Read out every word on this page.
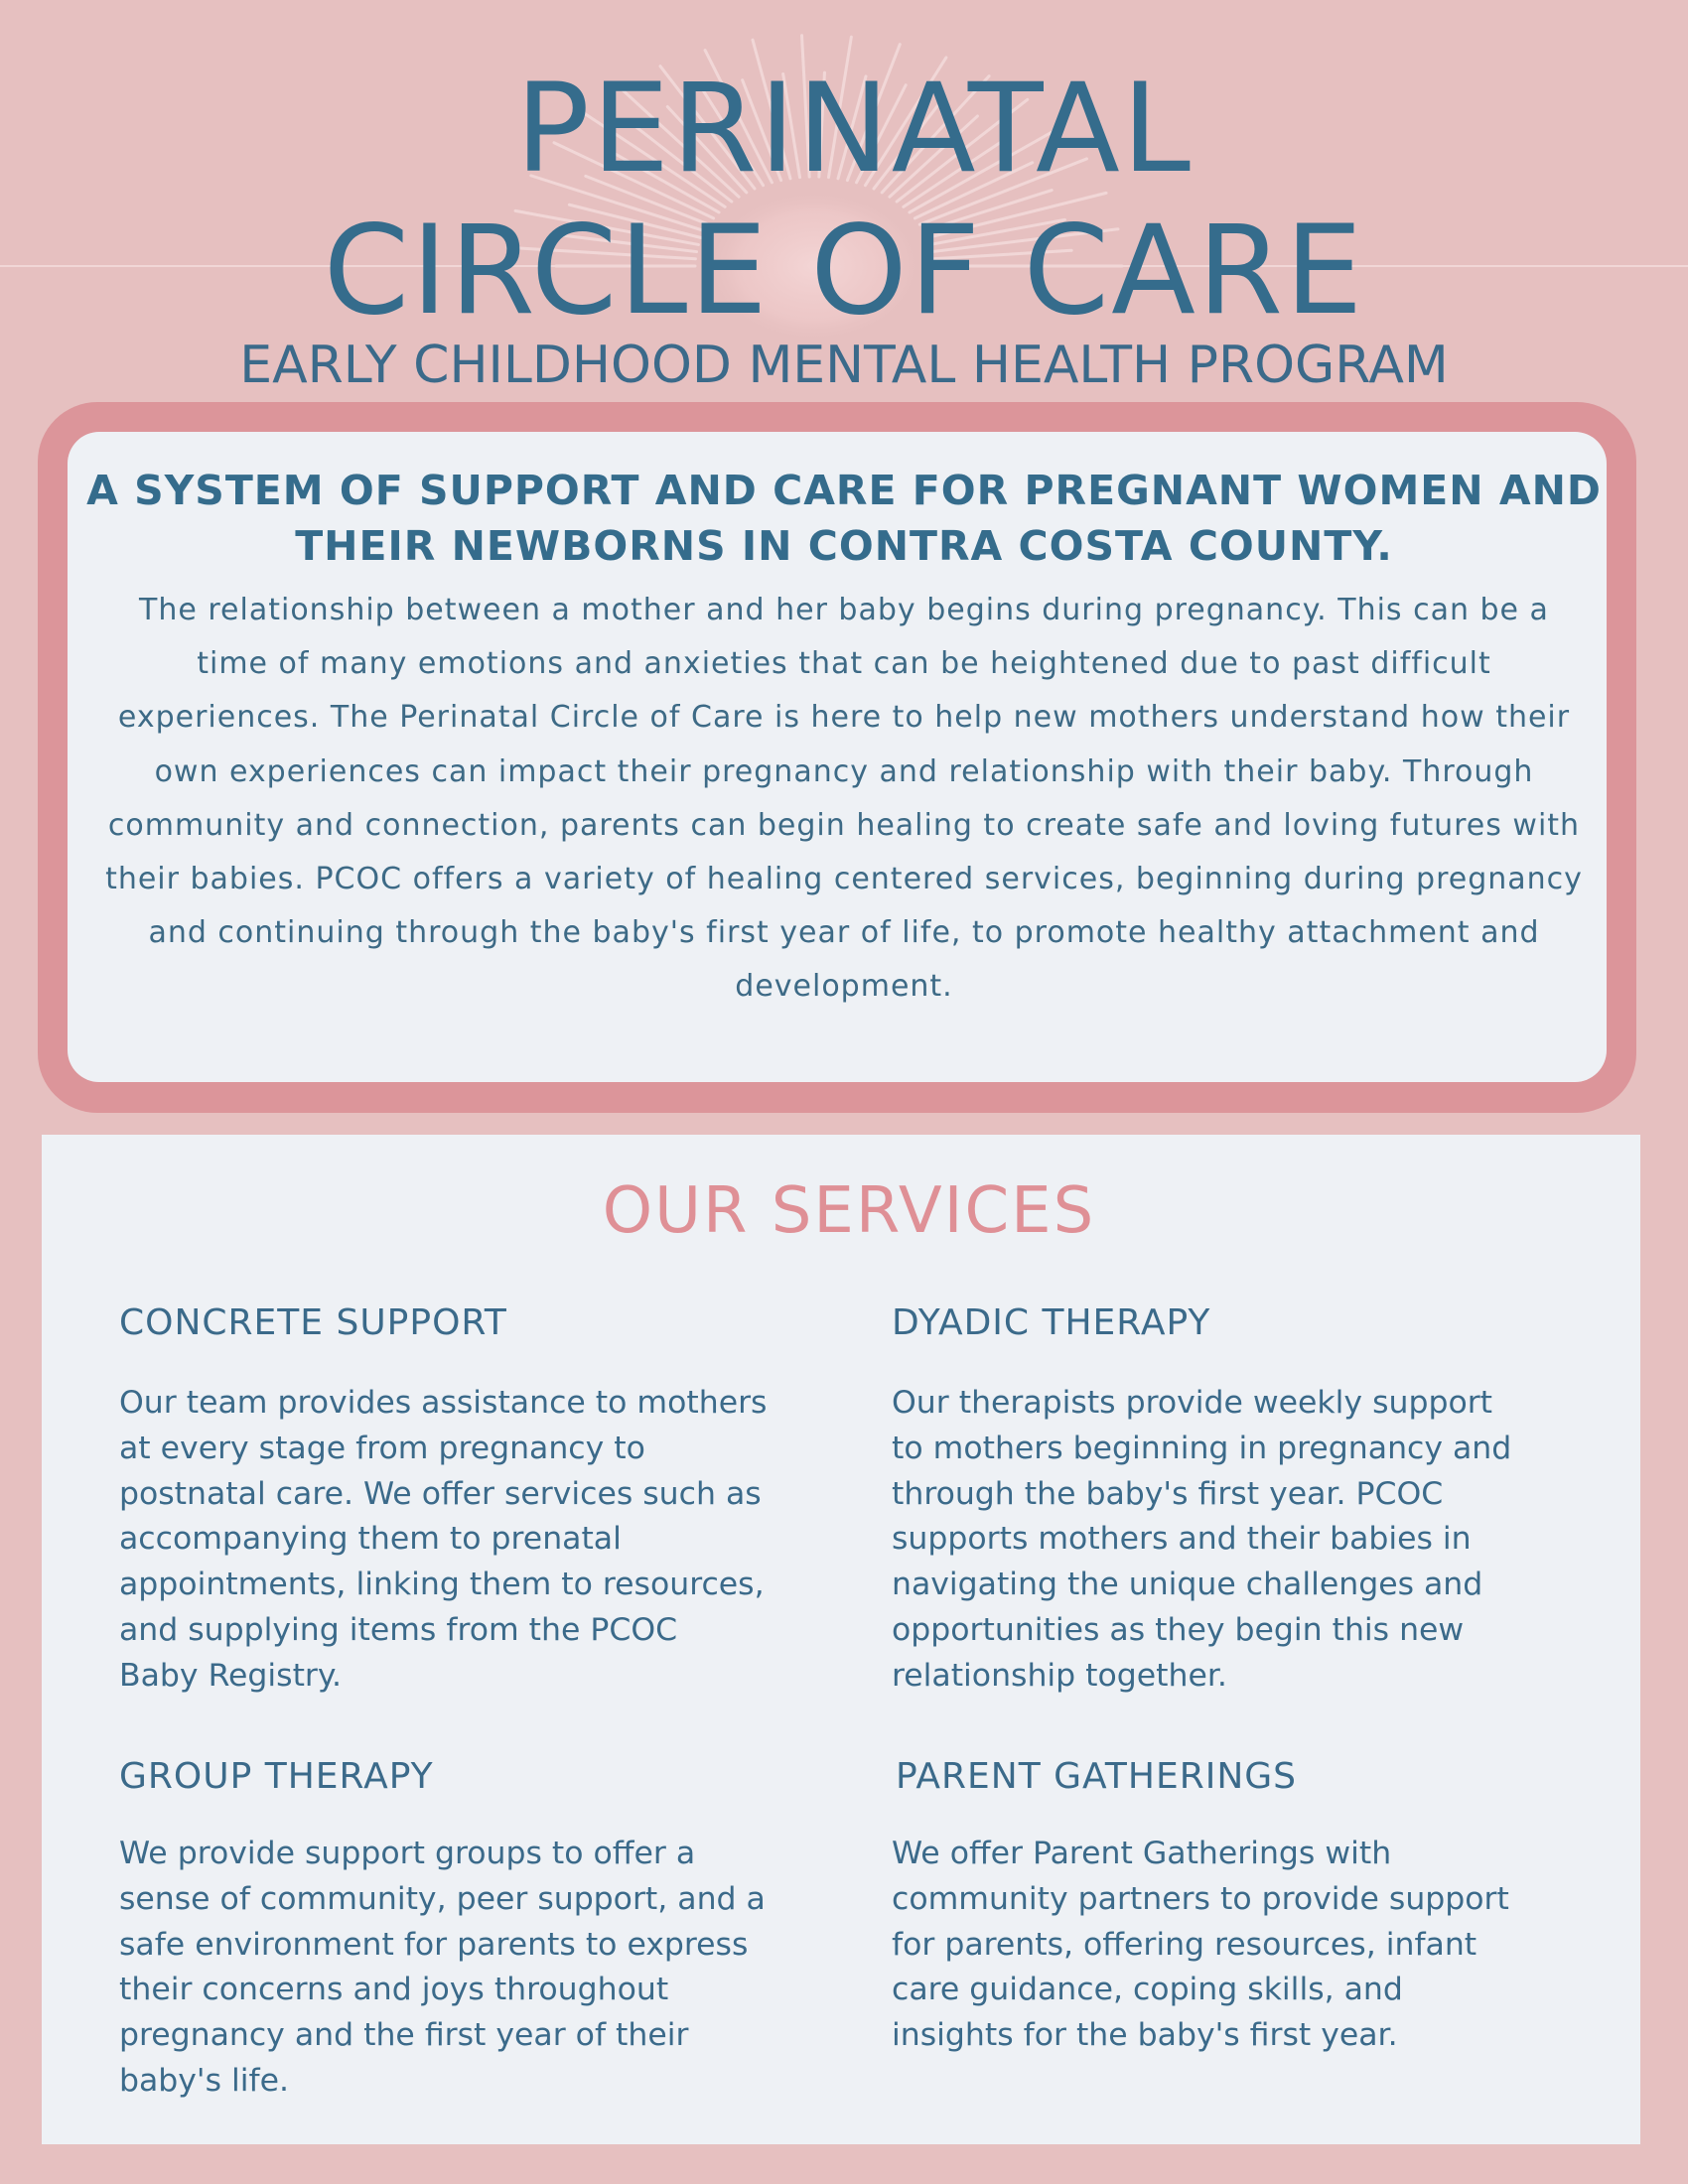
PERINATAL
CIRCLE OF CARE
EARLY CHILDHOOD MENTAL HEALTH PROGRAM
A SYSTEM OF SUPPORT AND CARE FOR PREGNANT WOMEN AND THEIR NEWBORNS IN CONTRA COSTA COUNTY.
The relationship between a mother and her baby begins during pregnancy. This can be a time of many emotions and anxieties that can be heightened due to past difficult experiences. The Perinatal Circle of Care is here to help new mothers understand how their own experiences can impact their pregnancy and relationship with their baby. Through community and connection, parents can begin healing to create safe and loving futures with their babies. PCOC offers a variety of healing centered services, beginning during pregnancy and continuing through the baby's first year of life, to promote healthy attachment and development.
OUR SERVICES
CONCRETE SUPPORT
Our team provides assistance to mothers
at every stage from pregnancy to
postnatal care. We offer services such as
accompanying them to prenatal
appointments, linking them to resources,
and supplying items from the PCOC
Baby Registry.
DYADIC THERAPY
Our therapists provide weekly support
to mothers beginning in pregnancy and
through the baby's first year. PCOC
supports mothers and their babies in
navigating the unique challenges and
opportunities as they begin this new
relationship together.
GROUP THERAPY
We provide support groups to offer a
sense of community, peer support, and a
safe environment for parents to express
their concerns and joys throughout
pregnancy and the first year of their
baby's life.
PARENT GATHERINGS
We offer Parent Gatherings with
community partners to provide support
for parents, offering resources, infant
care guidance, coping skills, and
insights for the baby's first year.
